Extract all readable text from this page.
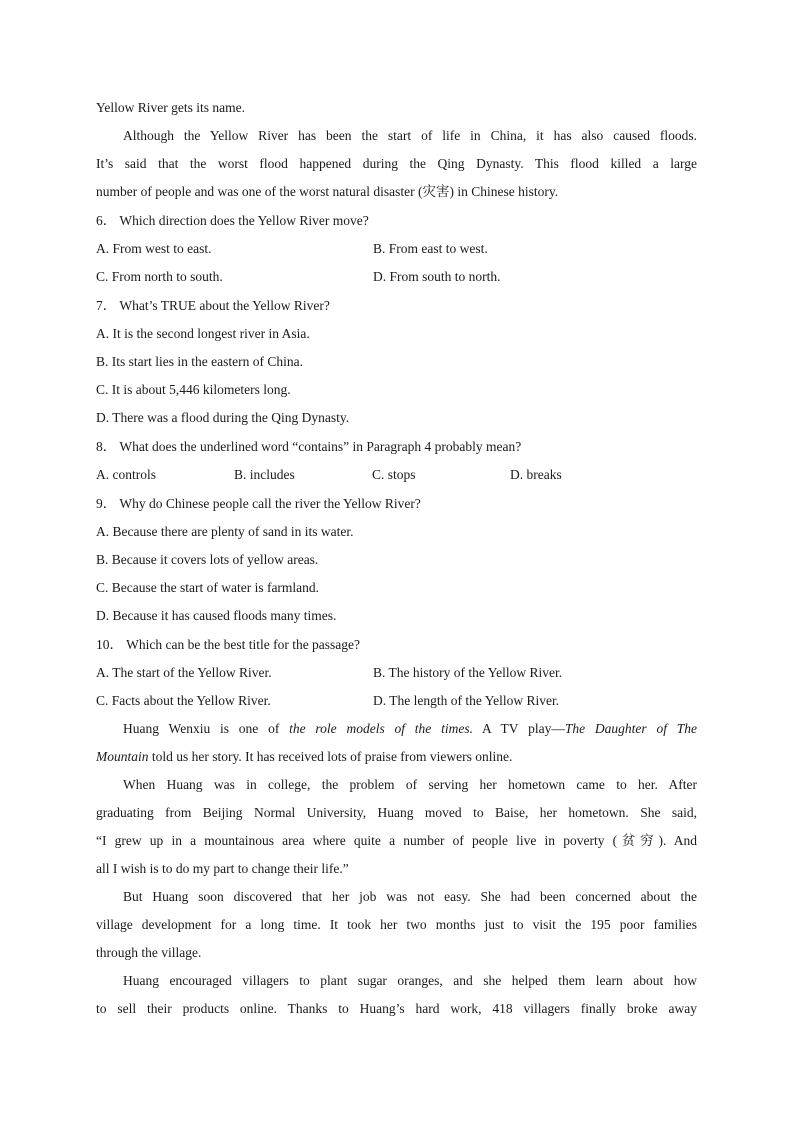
Yellow River gets its name.
Although the Yellow River has been the start of life in China, it has also caused floods.
It’s said that the worst flood happened during the Qing Dynasty. This flood killed a large
number of people and was one of the worst natural disaster (灾害) in Chinese history.
6． Which direction does the Yellow River move?
A. From west to east.	B. From east to west.
C. From north to south.	D. From south to north.
7． What’s TRUE about the Yellow River?
A. It is the second longest river in Asia.
B. Its start lies in the eastern of China.
C. It is about 5,446 kilometers long.
D. There was a flood during the Qing Dynasty.
8． What does the underlined word “contains” in Paragraph 4 probably mean?
A. controls	B. includes	C. stops	D. breaks
9． Why do Chinese people call the river the Yellow River?
A. Because there are plenty of sand in its water.
B. Because it covers lots of yellow areas.
C. Because the start of water is farmland.
D. Because it has caused floods many times.
10． Which can be the best title for the passage?
A. The start of the Yellow River.	B. The history of the Yellow River.
C. Facts about the Yellow River.	D. The length of the Yellow River.
Huang Wenxiu is one of the role models of the times. A TV play—The Daughter of The
Mountain told us her story. It has received lots of praise from viewers online.
When Huang was in college, the problem of serving her hometown came to her. After
graduating from Beijing Normal University, Huang moved to Baise, her hometown. She said,
“I grew up in a mountainous area where quite a number of people live in poverty (贫穷). And
all I wish is to do my part to change their life.”
But Huang soon discovered that her job was not easy. She had been concerned about the
village development for a long time. It took her two months just to visit the 195 poor families
through the village.
Huang encouraged villagers to plant sugar oranges, and she helped them learn about how
to sell their products online. Thanks to Huang’s hard work, 418 villagers finally broke away
